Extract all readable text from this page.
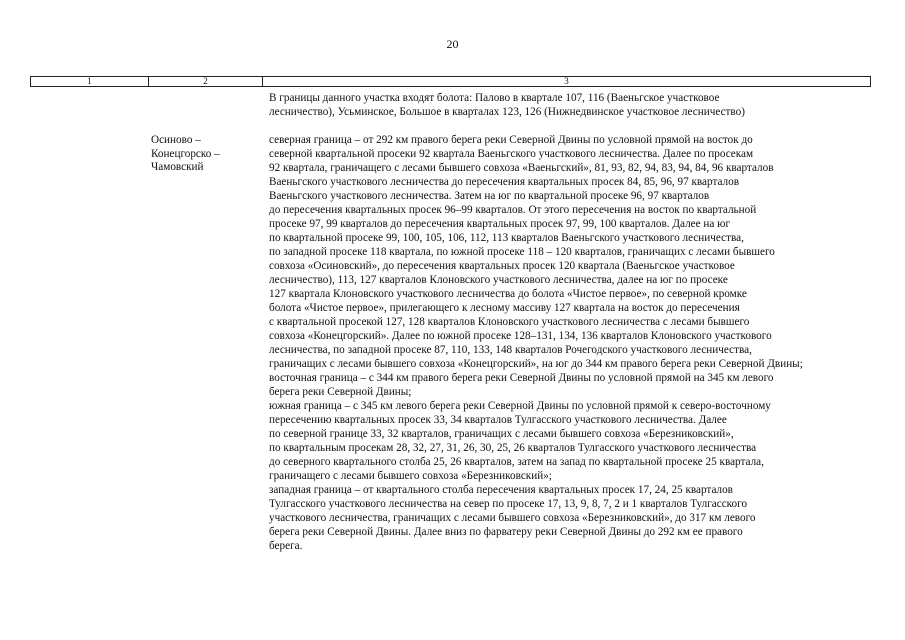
20
1	2	3
В границы данного участка входят болота: Палово в квартале 107, 116 (Ваеньгское участковое
лесничество), Усьминское, Большое в кварталах 123, 126 (Нижнедвинское участковое лесничество)
северная граница – от 292 км правого берега реки Северной Двины по условной прямой на восток до
северной квартальной просеки 92 квартала Ваеньгского участкового лесничества. Далее по просекам
92 квартала, граничащего с лесами бывшего совхоза «Ваеньгский», 81, 93, 82, 94, 83, 94, 84, 96 кварталов
Ваеньгского участкового лесничества до пересечения квартальных просек 84, 85, 96, 97 кварталов
Ваеньгского участкового лесничества. Затем на юг по квартальной просеке 96, 97 кварталов
до пересечения квартальных просек 96–99 кварталов. От этого пересечения на восток по квартальной
просеке 97, 99 кварталов до пересечения квартальных просек 97, 99, 100 кварталов. Далее на юг
по квартальной просеке 99, 100, 105, 106, 112, 113 кварталов Ваеньгского участкового лесничества,
по западной просеке 118 квартала, по южной просеке 118 – 120 кварталов, граничащих с лесами бывшего
совхоза «Осиновский», до пересечения квартальных просек 120 квартала (Ваеньгское участковое
лесничество), 113, 127 кварталов Клоновского участкового лесничества, далее на юг по просеке
127 квартала Клоновского участкового лесничества до болота «Чистое первое», по северной кромке
болота «Чистое первое», прилегающего к лесному массиву 127 квартала на восток до пересечения
с квартальной просекой 127, 128 кварталов Клоновского участкового лесничества с лесами бывшего
совхоза «Конецгорский». Далее по южной просеке 128–131, 134, 136 кварталов Клоновского участкового
лесничества, по западной просеке 87, 110, 133, 148 кварталов Рочегодского участкового лесничества,
граничащих с лесами бывшего совхоза «Конецгорский», на юг до 344 км правого берега реки Северной Двины;
восточная граница – с 344 км правого берега реки Северной Двины по условной прямой на 345 км левого
берега реки Северной Двины;
южная граница – с 345 км левого берега реки Северной Двины по условной прямой к северо-восточному
пересечению квартальных просек 33, 34 кварталов Тулгасского участкового лесничества. Далее
по северной границе 33, 32 кварталов, граничащих с лесами бывшего совхоза «Березниковский»,
по квартальным просекам 28, 32, 27, 31, 26, 30, 25, 26 кварталов Тулгасского участкового лесничества
до северного квартального столба 25, 26 кварталов, затем на запад по квартальной просеке 25 квартала,
граничащего с лесами бывшего совхоза «Березниковский»;
западная граница – от квартального столба пересечения квартальных просек 17, 24, 25 кварталов
Тулгасского участкового лесничества на север по просеке 17, 13, 9, 8, 7, 2 и 1 кварталов Тулгасского
участкового лесничества, граничащих с лесами бывшего совхоза «Березниковский», до 317 км левого
берега реки Северной Двины. Далее вниз по фарватеру реки Северной Двины до 292 км ее правого
берега.
Осиново –
Конецгорско –
Чамовский
